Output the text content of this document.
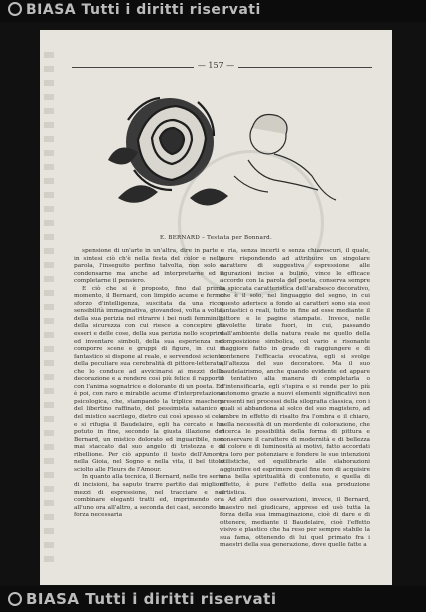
BIASA Tutti i diritti riservati
— 157 —
E. BERNARD – Testata per Bonnard.

spensione di un'arte in un'altra, dire in parte e in sintesi ciò ch'è nella festa del color e nella parola, l'inseguito perfino talvolta, non solo a condensarne ma anche ad interpretarne ed a completarne il pensiero.

E ciò che si è proposto, fino dal primo momento, il Bernard, con limpido acume e fermo sforzo d'intelligenza, suscitata da una ricca sensibilità immaginativa, giovandosi, volta a volta, della sua perizia nel ritrarre i bei nudi femminili, della sicurezza con cui riesce a concepire gli esseri e delle cose, della sua perizia nello scoprire ed inventare simboli, della sua esperienza nel comporre scene e gruppi di figure, in cui il fantastico si dispone al reale, e servendosi sciente della peculiare sua cerebralità di pittore-letterato, che lo conduce ad avvicinarsi ai mezzi della decorazione e a rendere così più felice il rapporto con l'anima sognatrice e dolorante di un poeta. Ed è poi, con raro e mirabile acume d'interpretazione psicologica, che, stampando la triplice maschera del libertino raffinato, del pessimista satanico e del mistico sacrilego, dietro cui così spesso si cela e si rifugia il Baudelaire, egli ha cercato e ha potuto in fine, secondo la giusta illazione del Bernard, un mistico dolorato ed inguaribile, non mai staccato dal suo angelo di tristezza e di ribellione. Per ciò appunto il testo dell'Amore, nella Gioia, nel Sogno e nella vita, il bel titolo sciolto alle Fleurs de l'Amour.

In quanto alla tecnica, il Bernard, nelle tre serie di incisioni, ha saputo trarre partito dai migliori mezzi di espressione, nel tracciare e nel combinare eleganti tratti ed, imprimendo ora all'uno ora all'altro, a seconda dei casi, secondo la forza necessaria

ria, senza incerti e senza chiaroscuri, il quale, pure rispondendo ad attribuire un singolare carattere di suggestiva espressione alle figurazioni incise a bulino, vince le efficace accordo con la parola del poeta, conserva sempre la spiccata caratteristica dell'arabesco decorativo, che è il solo, nel linguaggio del segno, in cui questo aderisce a fondo ai caratteri sono sia essi fantastici o reali, tutto in fine ad esse mediante il pittore e le pagine stampate. Invece, nelle tavolette tirate fuori, in cui, passando dall'ambiente della natura reale ne quello della composizione simbolica, col vario e risonante maggiore fatto in grado di raggiungere e di contenere l'efficacia evocativa, egli si svolge all'altezza del suo decoratore. Ma il suo baudelairismo, anche quando evidente ed appare il tentativo alla manera di completarla o d'intensificarla, egli s'ispira e si rende per lo più autonomo grazie a nuovi elementi significativi non presenti nei processi della silografia classica, con i quali si abbandona al solco del suo magistero, ad ombre in effetto di risalto fra l'ombra e il chiaro, nella necessità di un mordente di colorazione, che ricerca le possibilità della forma di pittura e conservare il carattere di modernità e di bellezza al colore e di luminosità ai motivi, fatto accordati tra loro per potenziare e fondere le sue intenzioni stilistiche, ed equilibrarle alle elaborazioni aggiuntive ed esprimere quel fine non di acquisire una bella spiritualità di contenuto, e quella di effetto, è pure l'effetto della sua produzione artistica.

Ad altri due osservazioni, invece, il Bernard, maestro nel giudicare, apprese ed usò tutta la forza della sua immaginazione, cioè di dare e di ottenere, mediante il Baudelaire, cioè l'effetto visivo e plastico che ha reso per sempre stabile la sua fama, ottenendo di lui quel primato fra i maestri della sua generazione, dove quelle fatte a

BIASA Tutti i diritti riservati
